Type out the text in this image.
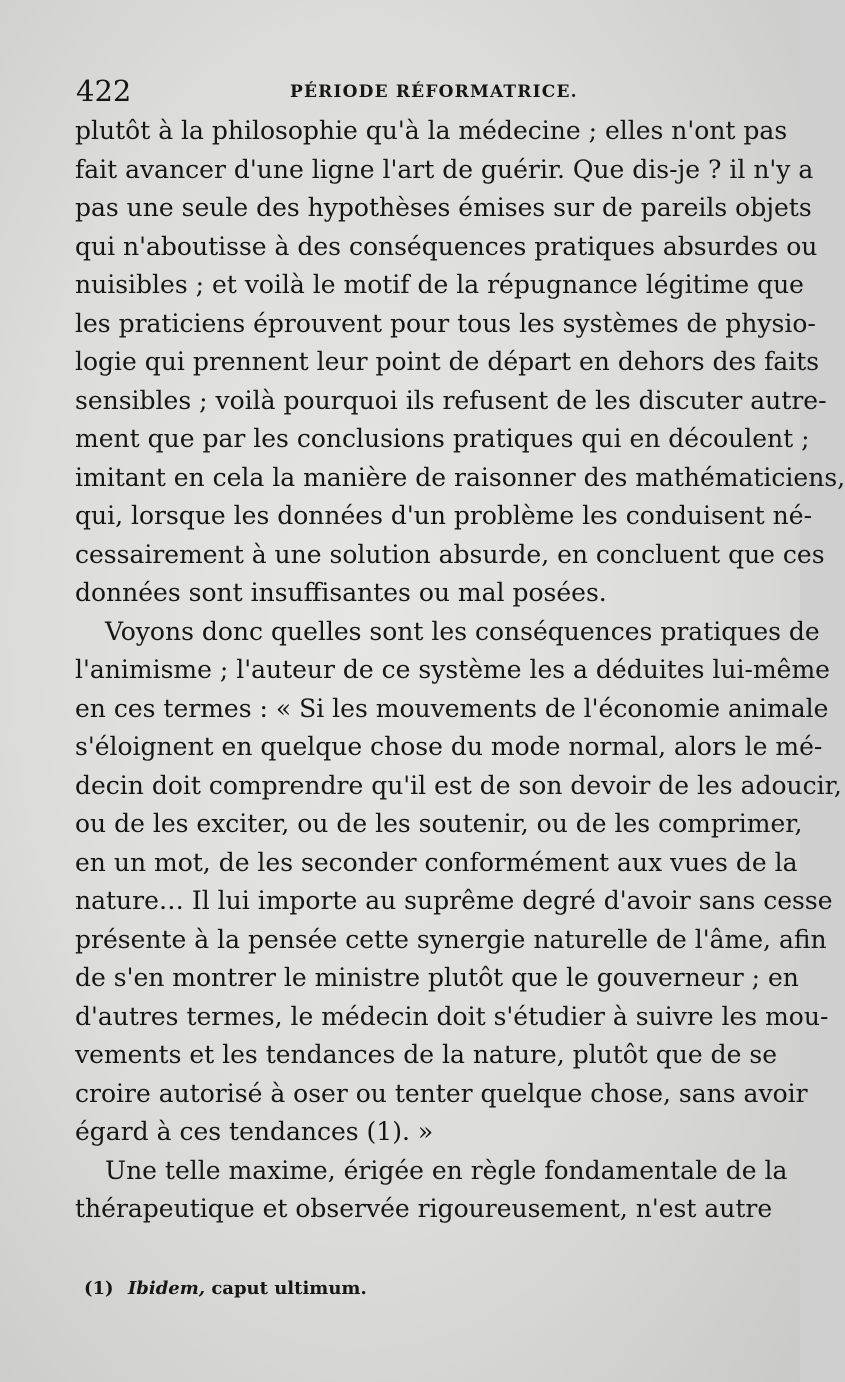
422	PÉRIODE RÉFORMATRICE.
plutôt à la philosophie qu'à la médecine ; elles n'ont pas
fait avancer d'une ligne l'art de guérir. Que dis-je ? il n'y a
pas une seule des hypothèses émises sur de pareils objets
qui n'aboutisse à des conséquences pratiques absurdes ou
nuisibles ; et voilà le motif de la répugnance légitime que
les praticiens éprouvent pour tous les systèmes de physio-
logie qui prennent leur point de départ en dehors des faits
sensibles ; voilà pourquoi ils refusent de les discuter autre-
ment que par les conclusions pratiques qui en découlent ;
imitant en cela la manière de raisonner des mathématiciens,
qui, lorsque les données d'un problème les conduisent né-
cessairement à une solution absurde, en concluent que ces
données sont insuffisantes ou mal posées.
Voyons donc quelles sont les conséquences pratiques de
l'animisme ; l'auteur de ce système les a déduites lui-même
en ces termes : « Si les mouvements de l'économie animale
s'éloignent en quelque chose du mode normal, alors le mé-
decin doit comprendre qu'il est de son devoir de les adoucir,
ou de les exciter, ou de les soutenir, ou de les comprimer,
en un mot, de les seconder conformément aux vues de la
nature… Il lui importe au suprême degré d'avoir sans cesse
présente à la pensée cette synergie naturelle de l'âme, afin
de s'en montrer le ministre plutôt que le gouverneur ; en
d'autres termes, le médecin doit s'étudier à suivre les mou-
vements et les tendances de la nature, plutôt que de se
croire autorisé à oser ou tenter quelque chose, sans avoir
égard à ces tendances (1). »
Une telle maxime, érigée en règle fondamentale de la
thérapeutique et observée rigoureusement, n'est autre
(1) Ibidem, caput ultimum.
